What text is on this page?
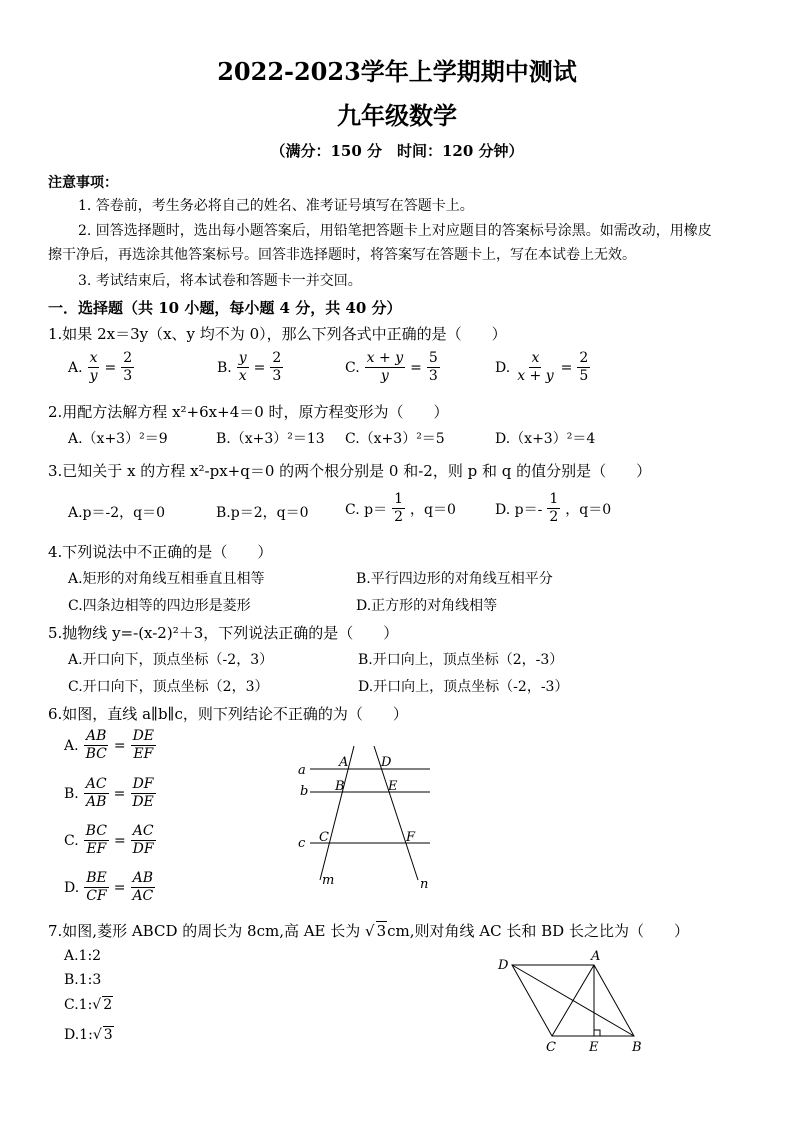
2022-2023学年上学期期中测试
九年级数学
（满分：150 分　时间：120 分钟）
注意事项：
1. 答卷前，考生务必将自己的姓名、准考证号填写在答题卡上。
2. 回答选择题时，选出每小题答案后，用铅笔把答题卡上对应题目的答案标号涂黑。如需改动，用橡皮
擦干净后，再选涂其他答案标号。回答非选择题时，将答案写在答题卡上，写在本试卷上无效。
3. 考试结束后，将本试卷和答题卡一并交回。
一．选择题（共 10 小题，每小题 4 分，共 40 分）
1.如果 2x＝3y（x、y 均不为 0），那么下列各式中正确的是（　　）
A. $\frac{x}{y} = \frac{2}{3}$	B. $\frac{y}{x} = \frac{2}{3}$	C. $\frac{x + y}{y} = \frac{5}{3}$	D. $\frac{x}{x + y} = \frac{2}{5}$
2.用配方法解方程 x²+6x+4＝0 时，原方程变形为（　　）
A.（x+3）²＝9	B.（x+3）²＝13 C.（x+3）²＝5	D.（x+3）²＝4
3.已知关于 x 的方程 x²-px+q＝0 的两个根分别是 0 和-2，则 p 和 q 的值分别是（　　）
A.p＝-2，q＝0	B.p＝2，q＝0	C. $p= \frac{1}{2}$ ，q＝0	D. $p=- \frac{1}{2}$ ，q＝0
4.下列说法中不正确的是（　　）
A.矩形的对角线互相垂直且相等	B.平行四边形的对角线互相平分
C.四条边相等的四边形是菱形	D.正方形的对角线相等
5.抛物线 y=-(x-2)²＋3，下列说法正确的是（　　）
A.开口向下，顶点坐标（-2，3）	B.开口向上，顶点坐标（2，-3）
C.开口向下，顶点坐标（2，3）	D.开口向上，顶点坐标（-2，-3）
6.如图，直线 a∥b∥c，则下列结论不正确的为（　　）
A. $\frac{AB}{BC} = \frac{DE}{EF}$
B. $\frac{AC}{AB} = \frac{DF}{DE}$
C. $\frac{BC}{EF} = \frac{AC}{DF}$
D. $\frac{BE}{CF} = \frac{AB}{AC}$
a
b
c
A	D
B	E
C	F
m	n
7.如图,菱形 ABCD 的周长为 8cm,高 AE 长为 √ 3cm,则对角线 AC 长和 BD 长之比为（　　）
A.1:2
B.1:3
C.1:√ 2
D.1:√ 3
D
A
C	E	B
